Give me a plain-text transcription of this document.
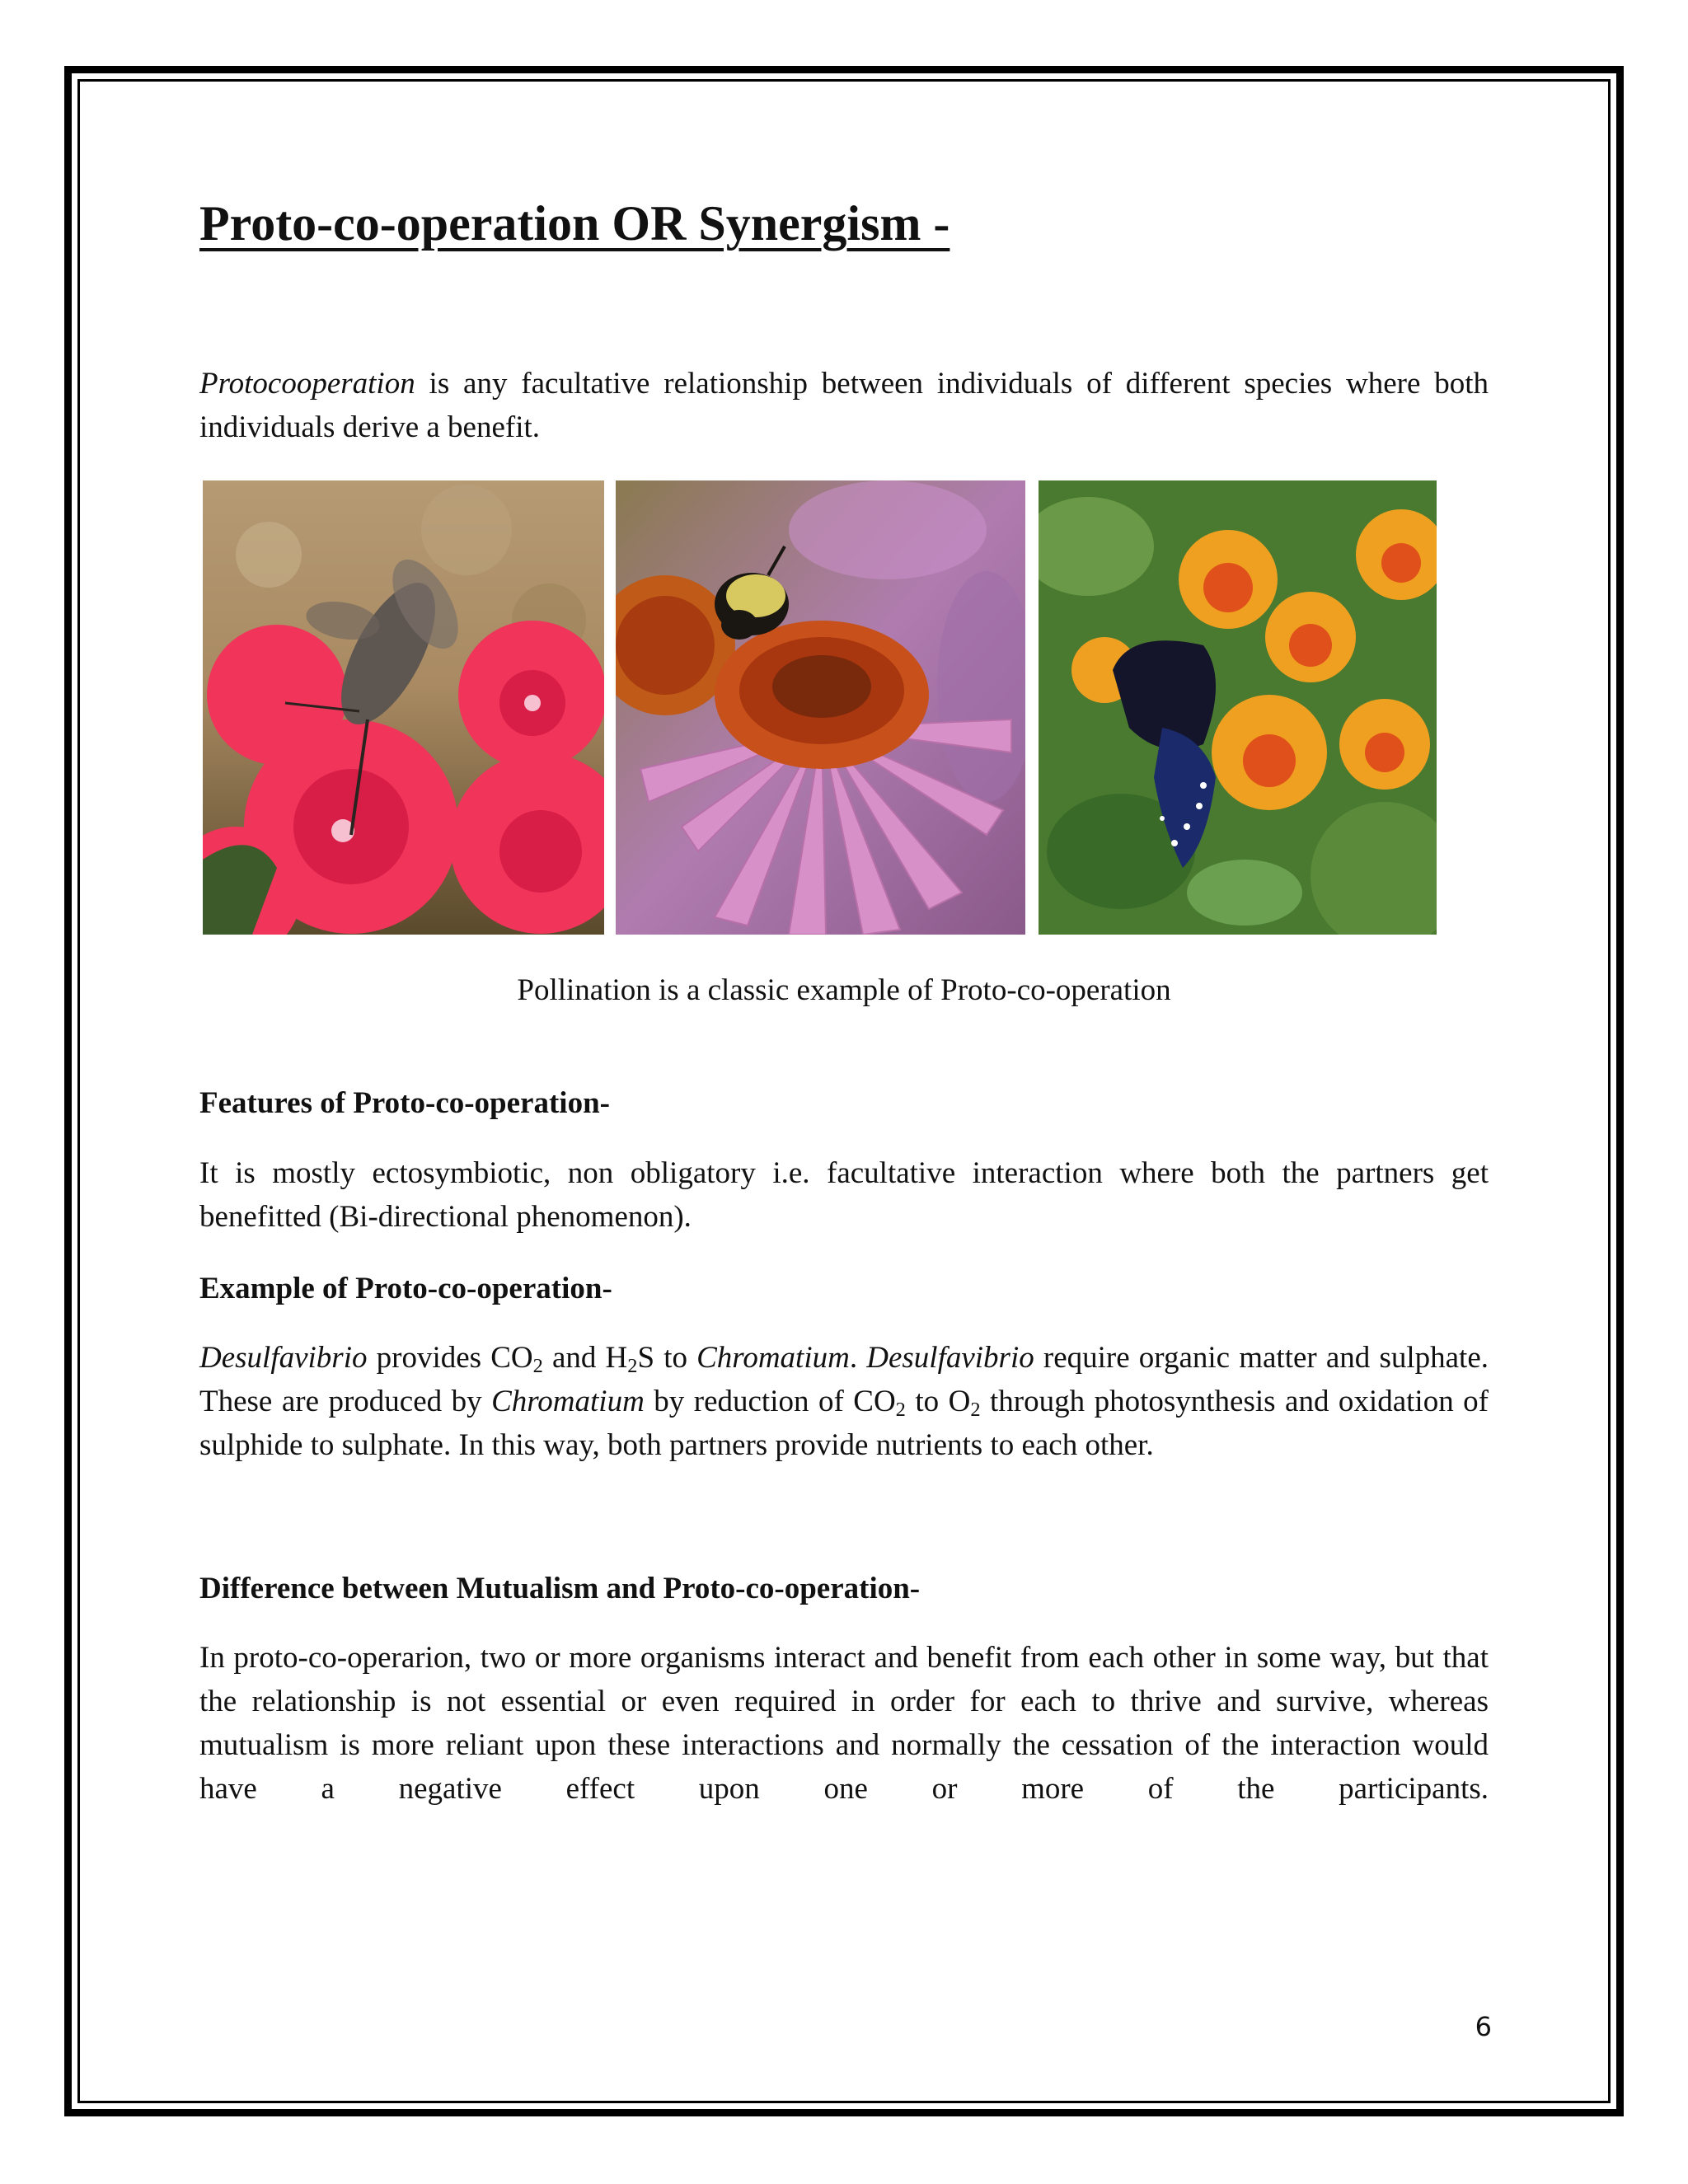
Proto-co-operation OR Synergism -

Protocooperation is any facultative relationship between individuals of different species where both individuals derive a benefit.

Pollination is a classic example of Proto-co-operation

Features of Proto-co-operation-

It is mostly ectosymbiotic, non obligatory i.e. facultative interaction where both the partners get benefitted (Bi-directional phenomenon).

Example of Proto-co-operation-

Desulfavibrio provides $CO_2$ and $H_2S$ to Chromatium. Desulfavibrio require organic matter and sulphate. These are produced by Chromatium by reduction of $CO_2$ to $O_2$ through photosynthesis and oxidation of sulphide to sulphate. In this way, both partners provide nutrients to each other.

Difference between Mutualism and Proto-co-operation-

In proto-co-operarion, two or more organisms interact and benefit from each other in some way, but that the relationship is not essential or even required in order for each to thrive and survive, whereas mutualism is more reliant upon these interactions and normally the cessation of the interaction would have a negative effect upon one or more of the participants.

6
